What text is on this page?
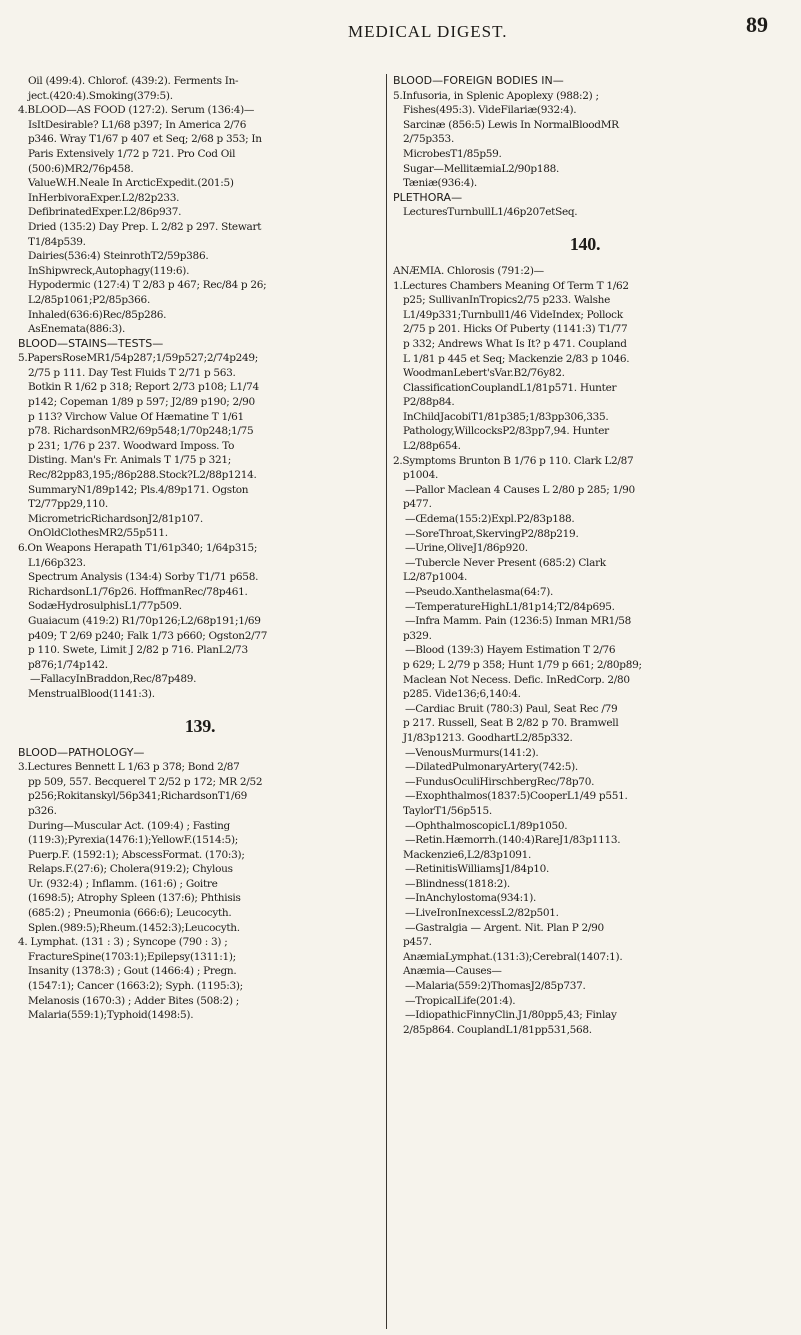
MEDICAL DIGEST.	89
Oil (499:4). Chlorof. (439:2). Ferments In-
ject.(420:4).Smoking(379:5).
4.BLOOD—AS FOOD (127:2). Serum (136:4)—
IsItDesirable? L1/68 p397; In America 2/76
p346. Wray T1/67 p 407 et Seq; 2/68 p 353; In
Paris Extensively 1/72 p 721. Pro Cod Oil
(500:6)MR2/76p458.
ValueW.H.Neale In ArcticExpedit.(201:5)
InHerbivoraExper.L2/82p233.
DefibrinatedExper.L2/86p937.
Dried (135:2) Day Prep. L 2/82 p 297. Stewart
T1/84p539.
Dairies(536:4) SteinrothT2/59p386.
InShipwreck,Autophagy(119:6).
Hypodermic (127:4) T 2/83 p 467; Rec/84 p 26;
L2/85p1061;P2/85p366.
Inhaled(636:6)Rec/85p286.
AsEnemata(886:3).
BLOOD—STAINS—TESTS—
5.PapersRoseMR1/54p287;1/59p527;2/74p249;
2/75 p 111. Day Test Fluids T 2/71 p 563.
Botkin R 1/62 p 318; Report 2/73 p108; L1/74
p142; Copeman 1/89 p 597; J2/89 p190; 2/90
p 113? Virchow Value Of Hæmatine T 1/61
p78. RichardsonMR2/69p548;1/70p248;1/75
p 231; 1/76 p 237. Woodward Imposs. To
Disting. Man's Fr. Animals T 1/75 p 321;
Rec/82pp83,195;/86p288.Stock?L2/88p1214.
SummaryN1/89p142; Pls.4/89p171. Ogston
T2/77pp29,110.
MicrometricRichardsonJ2/81p107.
OnOldClothesMR2/55p511.
6.On Weapons Herapath T1/61p340; 1/64p315;
L1/66p323.
Spectrum Analysis (134:4) Sorby T1/71 p658.
RichardsonL1/76p26. HoffmanRec/78p461.
SodæHydrosulphisL1/77p509.
Guaiacum (419:2) R1/70p126;L2/68p191;1/69
p409; T 2/69 p240; Falk 1/73 p660; Ogston2/77
p 110. Swete, Limit J 2/82 p 716. PlanL2/73
p876;1/74p142.
—FallacyInBraddon,Rec/87p489.
MenstrualBlood(1141:3).
139.
BLOOD—PATHOLOGY—
3.Lectures Bennett L 1/63 p 378; Bond 2/87
pp 509, 557. Becquerel T 2/52 p 172; MR 2/52
p256;Rokitanskyl/56p341;RichardsonT1/69
p326.
During—Muscular Act. (109:4) ; Fasting
(119:3);Pyrexia(1476:1);YellowF.(1514:5);
Puerp.F. (1592:1); AbscessFormat. (170:3);
Relaps.F.(27:6); Cholera(919:2); Chylous
Ur. (932:4) ; Inflamm. (161:6) ; Goitre
(1698:5); Atrophy Spleen (137:6); Phthisis
(685:2) ; Pneumonia (666:6); Leucocyth.
Splen.(989:5);Rheum.(1452:3);Leucocyth.
4. Lymphat. (131 : 3) ; Syncope (790 : 3) ;
FractureSpine(1703:1);Epilepsy(1311:1);
Insanity (1378:3) ; Gout (1466:4) ; Pregn.
(1547:1); Cancer (1663:2); Syph. (1195:3);
Melanosis (1670:3) ; Adder Bites (508:2) ;
Malaria(559:1);Typhoid(1498:5).
BLOOD—FOREIGN BODIES IN—
5.Infusoria, in Splenic Apoplexy (988:2) ;
Fishes(495:3). VideFilariæ(932:4).
Sarcinæ (856:5) Lewis In NormalBloodMR
2/75p353.
MicrobesT1/85p59.
Sugar—MellitæmiaL2/90p188.
Tæniæ(936:4).
PLETHORA—
LecturesTurnbullL1/46p207etSeq.
140.
ANÆMIA. Chlorosis (791:2)—
1.Lectures Chambers Meaning Of Term T 1/62
p25; SullivanInTropics2/75 p233. Walshe
L1/49p331;Turnbull1/46 VideIndex; Pollock
2/75 p 201. Hicks Of Puberty (1141:3) T1/77
p 332; Andrews What Is It? p 471. Coupland
L 1/81 p 445 et Seq; Mackenzie 2/83 p 1046.
WoodmanLebert'sVar.B2/76y82.
ClassificationCouplandL1/81p571. Hunter
P2/88p84.
InChildJacobiT1/81p385;1/83pp306,335.
Pathology,WillcocksP2/83pp7,94. Hunter
L2/88p654.
2.Symptoms Brunton B 1/76 p 110. Clark L2/87
p1004.
—Pallor Maclean 4 Causes L 2/80 p 285; 1/90
p477.
—Œdema(155:2)Expl.P2/83p188.
—SoreThroat,SkervingP2/88p219.
—Urine,OliveJ1/86p920.
—Tubercle Never Present (685:2) Clark
L2/87p1004.
—Pseudo.Xanthelasma(64:7).
—TemperatureHighL1/81p14;T2/84p695.
—Infra Mamm. Pain (1236:5) Inman MR1/58
p329.
—Blood (139:3) Hayem Estimation T 2/76
p 629; L 2/79 p 358; Hunt 1/79 p 661; 2/80p89;
Maclean Not Necess. Defic. InRedCorp. 2/80
p285. Vide136;6,140:4.
—Cardiac Bruit (780:3) Paul, Seat Rec /79
p 217. Russell, Seat B 2/82 p 70. Bramwell
J1/83p1213. GoodhartL2/85p332.
—VenousMurmurs(141:2).
—DilatedPulmonaryArtery(742:5).
—FundusOculiHirschbergRec/78p70.
—Exophthalmos(1837:5)CooperL1/49 p551.
TaylorT1/56p515.
—OphthalmoscopicL1/89p1050.
—Retin.Hæmorrh.(140:4)RareJ1/83p1113.
Mackenzie6,L2/83p1091.
—RetinitisWilliamsJ1/84p10.
—Blindness(1818:2).
—InAnchylostoma(934:1).
—LiveIronInexcessL2/82p501.
—Gastralgia — Argent. Nit. Plan P 2/90
p457.
AnæmiaLymphat.(131:3);Cerebral(1407:1).
Anæmia—Causes—
—Malaria(559:2)ThomasJ2/85p737.
—TropicalLife(201:4).
—IdiopathicFinnyClin.J1/80pp5,43; Finlay
2/85p864. CouplandL1/81pp531,568.
